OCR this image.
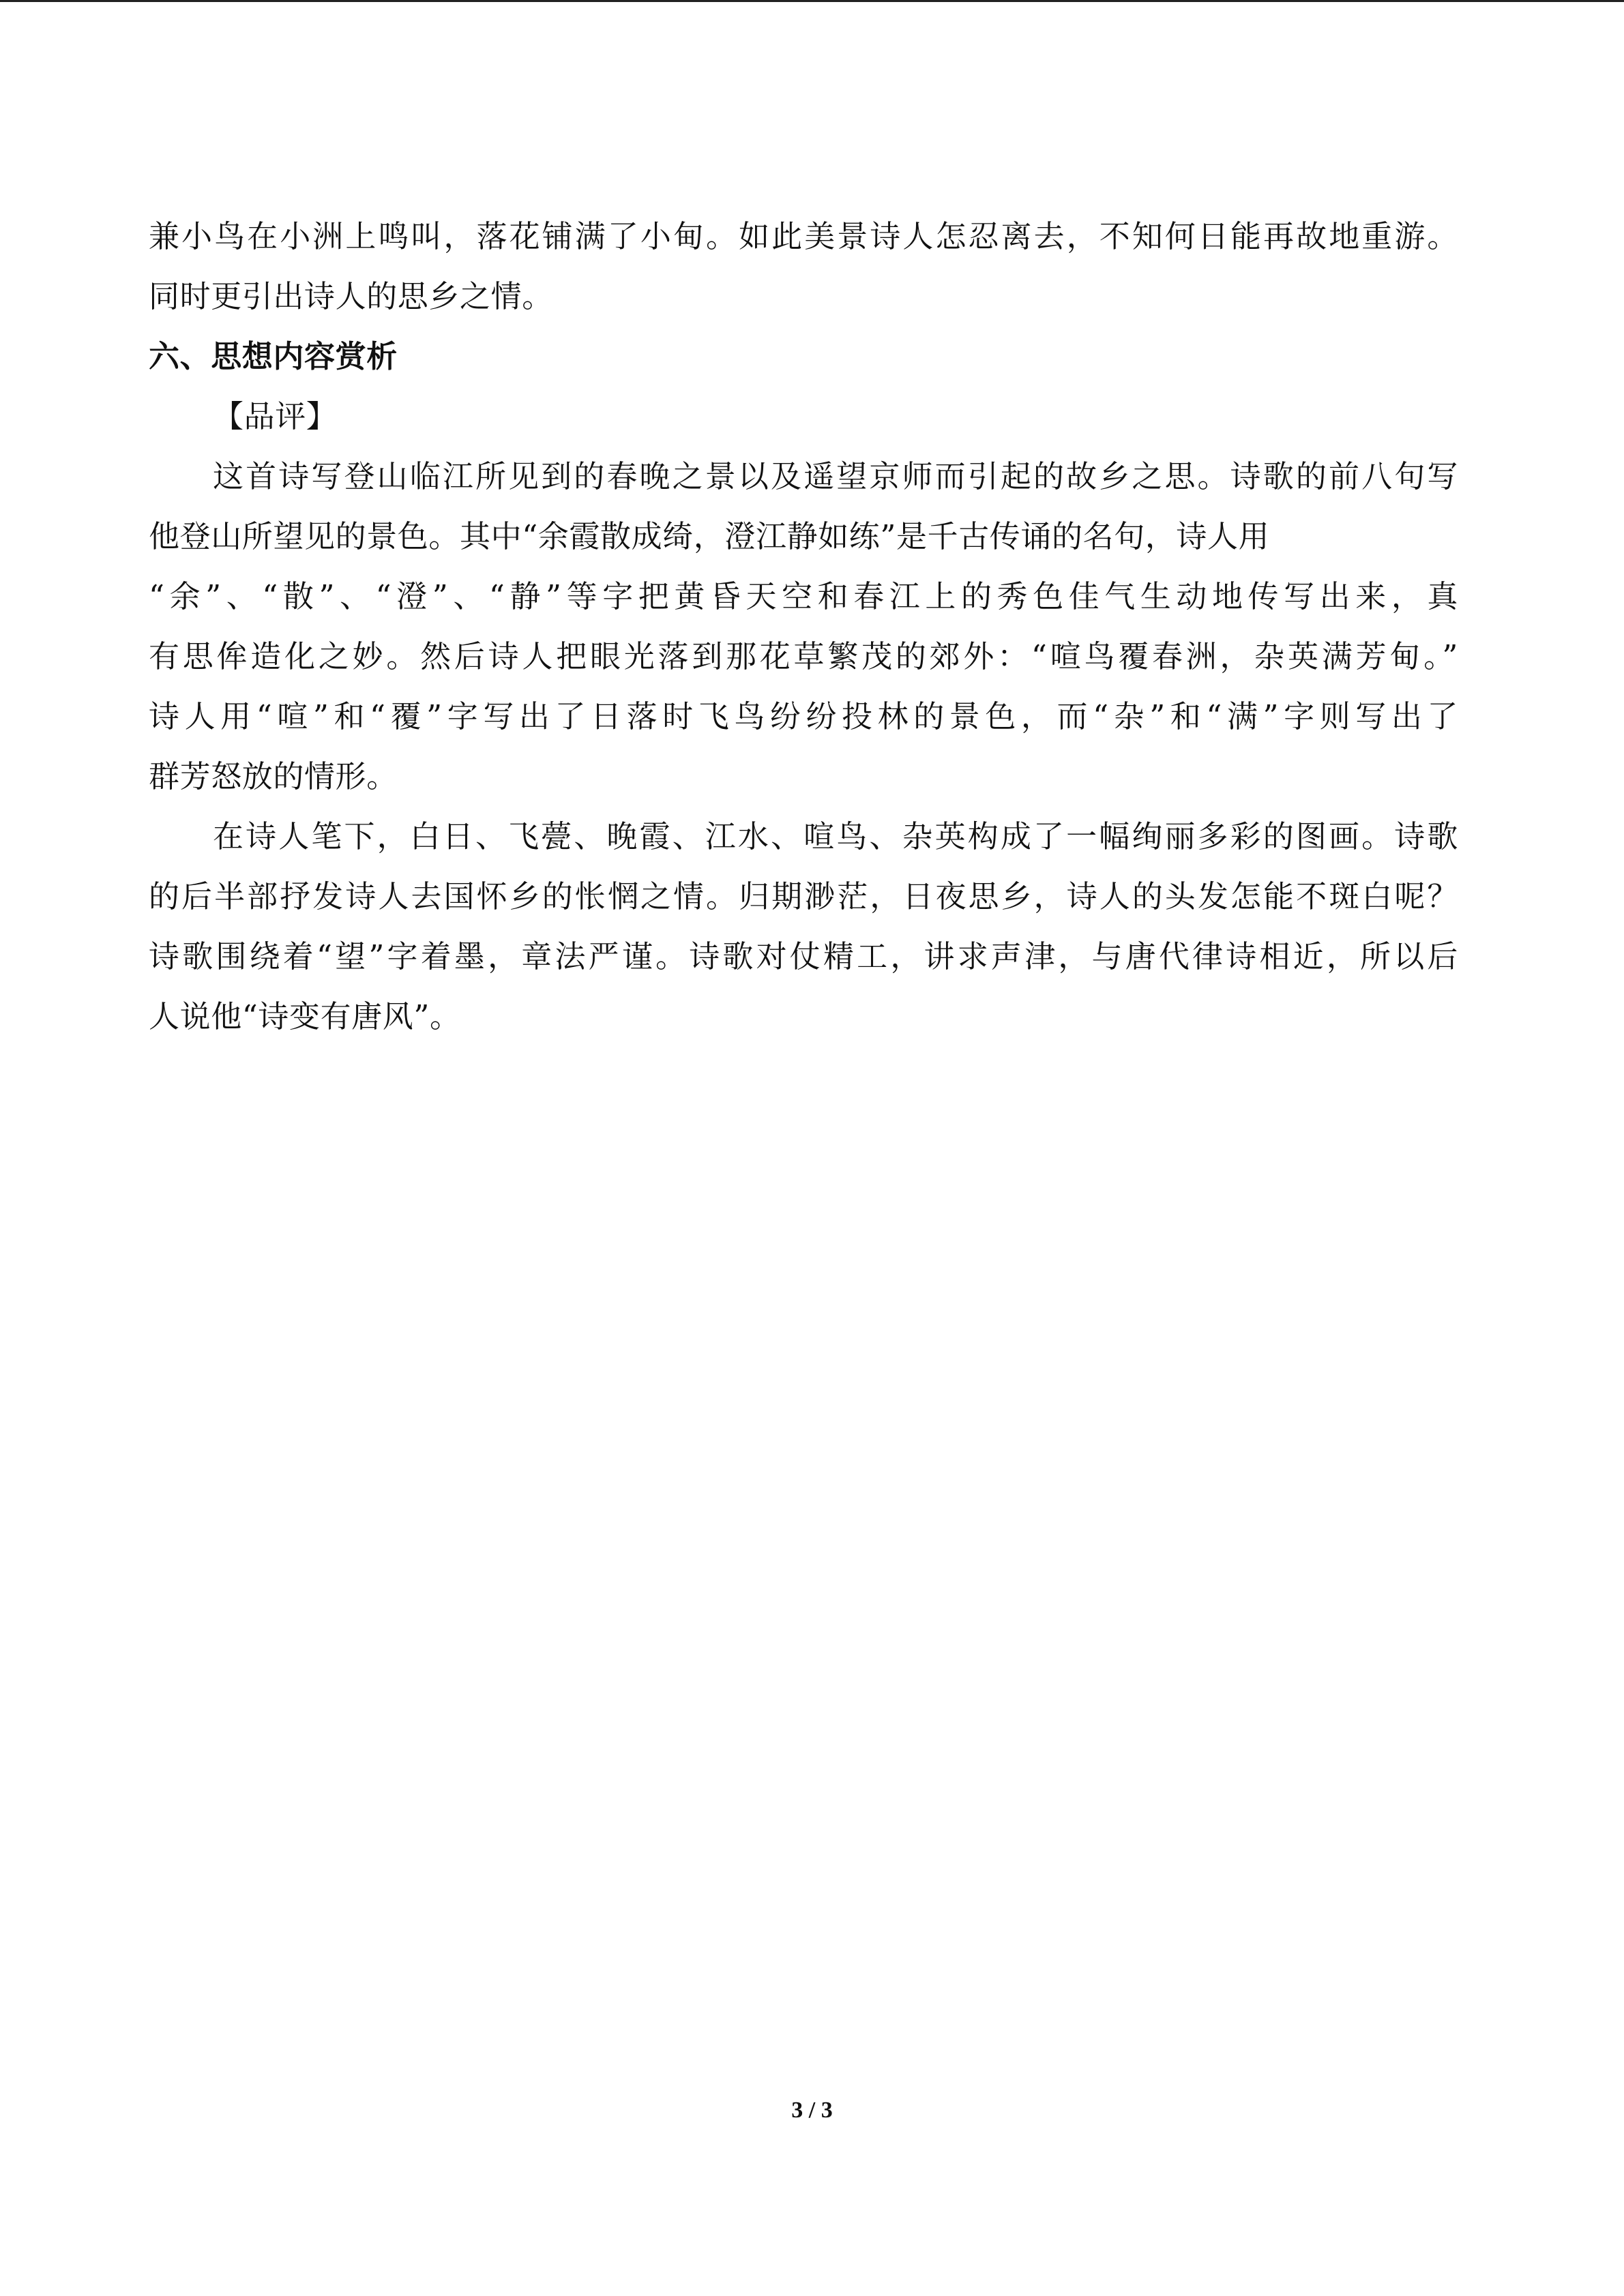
兼小鸟在小洲上鸣叫，落花铺满了小甸。如此美景诗人怎忍离去，不知何日能再故地重游。
同时更引出诗人的思乡之情。
六、思想内容赏析
【品评】
这首诗写登山临江所见到的春晚之景以及遥望京师而引起的故乡之思。诗歌的前八句写
他登山所望见的景色。其中“余霞散成绮，澄江静如练”是千古传诵的名句，诗人用
“余”、“散”、“澄”、“静”等字把黄昏天空和春江上的秀色佳气生动地传写出来，真
有思侔造化之妙。然后诗人把眼光落到那花草繁茂的郊外：“喧鸟覆春洲，杂英满芳甸。”
诗人用“喧”和“覆”字写出了日落时飞鸟纷纷投林的景色，而“杂”和“满”字则写出了
群芳怒放的情形。
在诗人笔下，白日、飞甍、晚霞、江水、喧鸟、杂英构成了一幅绚丽多彩的图画。诗歌
的后半部抒发诗人去国怀乡的怅惘之情。归期渺茫，日夜思乡，诗人的头发怎能不斑白呢？
诗歌围绕着“望”字着墨，章法严谨。诗歌对仗精工，讲求声津，与唐代律诗相近，所以后
人说他“诗变有唐风”。
3 / 3
